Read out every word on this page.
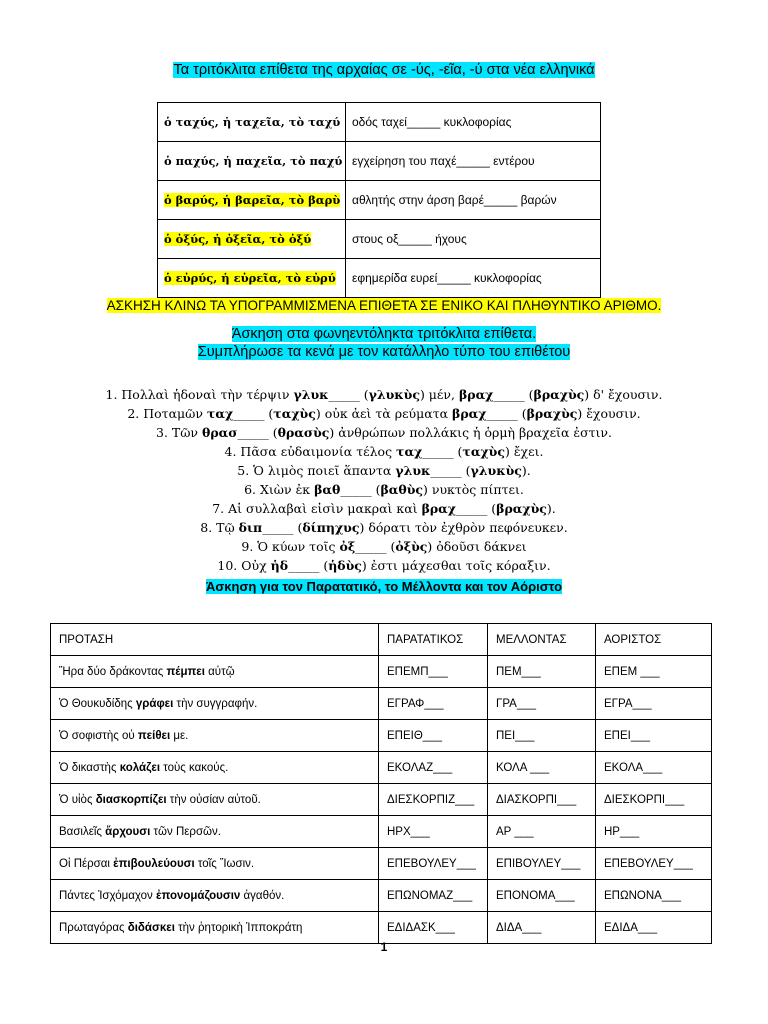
Τα τριτόκλιτα επίθετα της αρχαίας σε -ύς, -εῖα, -ύ στα νέα ελληνικά
ὁ ταχύς, ἡ ταχεῖα, τὸ ταχύ	οδός ταχεί_____ κυκλοφορίας
ὁ παχύς, ἡ παχεῖα, τὸ παχύ	εγχείρηση του παχέ_____ εντέρου
ὁ βαρύς, ἡ βαρεῖα, τὸ βαρὺ	αθλητής στην άρση βαρέ_____ βαρών
ὁ ὀξύς, ἡ ὀξεῖα, τὸ ὀξύ	στους οξ_____ ήχους
ὁ εὐρύς, ἡ εὐρεῖα, τὸ εὐρύ	εφημερίδα ευρεί_____ κυκλοφορίας
ΑΣΚΗΣΗ ΚΛΙΝΩ ΤΑ ΥΠΟΓΡΑΜΜΙΣΜΕΝΑ ΕΠΙΘΕΤΑ ΣΕ ΕΝΙΚΟ ΚΑΙ ΠΛΗΘΥΝΤΙΚΟ ΑΡΙΘΜΟ.
Άσκηση στα φωνηεντόληκτα τριτόκλιτα επίθετα.
Συμπλήρωσε τα κενά με τον κατάλληλο τύπο του επιθέτου
1. Πολλαὶ ἡδοναὶ τὴν τέρψιν γλυκ_____ (γλυκὺς) μέν, βραχ_____ (βραχὺς) δ' ἔχουσιν.
2. Ποταμῶν ταχ_____ (ταχὺς) οὐκ ἀεὶ τὰ ρεύματα βραχ_____ (βραχὺς) ἔχουσιν.
3. Τῶν θρασ_____ (θρασὺς) ἀνθρώπων πολλάκις ἡ ὁρμὴ βραχεῖα ἐστιν.
4. Πᾶσα εὐδαιμονία τέλος ταχ_____ (ταχὺς) ἔχει.
5. Ὁ λιμὸς ποιεῖ ἅπαντα γλυκ_____ (γλυκὺς).
6. Χιὼν ἐκ βαθ_____ (βαθὺς) νυκτὸς πίπτει.
7. Αἱ συλλαβαὶ εἰσὶν μακραὶ καὶ βραχ_____ (βραχὺς).
8. Τῷ διπ_____ (δίπηχυς) δόρατι τὸν ἐχθρὸν πεφόνευκεν.
9. Ὁ κύων τοῖς ὀξ_____ (ὀξὺς) ὀδοῦσι δάκνει
10. Οὐχ ἡδ_____ (ἡδὺς) ἐστι μάχεσθαι τοῖς κόραξιν.
Άσκηση για τον Παρατατικό, το Μέλλοντα και τον Αόριστο
ΠΡΟΤΑΣΗ	ΠΑΡΑΤΑΤΙΚΟΣ	ΜΕΛΛΟΝΤΑΣ	ΑΟΡΙΣΤΟΣ
Ἥρα δύο δράκοντας πέμπει αὐτῷ	ΕΠΕΜΠ___	ΠΕΜ___	ΕΠΕΜ ___
Ὁ Θουκυδίδης γράφει τὴν συγγραφήν.	ΕΓΡΑΦ___	ΓΡΑ___	ΕΓΡΑ___
Ὁ σοφιστὴς οὐ πείθει με.	ΕΠΕΙΘ___	ΠΕΙ___	ΕΠΕΙ___
Ὁ δικαστὴς κολάζει τοὺς κακούς.	ΕΚΟΛΑΖ___	ΚΟΛΑ ___	ΕΚΟΛΑ___
Ὁ υἱὸς διασκορπίζει τὴν οὐσίαν αὐτοῦ.	ΔΙΕΣΚΟΡΠΙΖ___	ΔΙΑΣΚΟΡΠΙ___	ΔΙΕΣΚΟΡΠΙ___
Βασιλεῖς ἄρχουσι τῶν Περσῶν.	ΗΡΧ___	ΑΡ ___	ΗΡ___
Οἱ Πέρσαι ἐπιβουλεύουσι τοῖς Ἴωσιν.	ΕΠΕΒΟΥΛΕΥ___	ΕΠΙΒΟΥΛΕΥ___	ΕΠΕΒΟΥΛΕΥ___
Πάντες Ἰσχόμαχον ἐπονομάζουσιν ἀγαθόν.	ΕΠΩΝΟΜΑΖ___	ΕΠΟΝΟΜΑ___	ΕΠΩΝΟΝΑ___
Πρωταγόρας διδάσκει τὴν ῥητορικὴ Ἱπποκράτη	ΕΔΙΔΑΣΚ___	ΔΙΔΑ___	ΕΔΙΔΑ___
1
